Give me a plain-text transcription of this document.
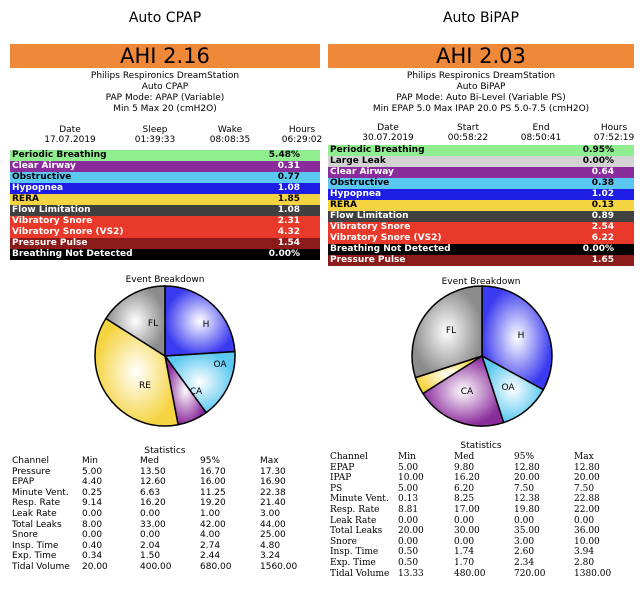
Auto CPAP
AHI 2.16
Philips Respironics DreamStation
Auto CPAP
PAP Mode: APAP (Variable)
Min 5 Max 20 (cmH2O)
Date
17.07.2019
Sleep
01:39:33
Wake
08:08:35
Hours
06:29:02
Periodic Breathing	5.48%
Clear Airway	0.31
Obstructive	0.77
Hypopnea	1.08
RERA	1.85
Flow Limitation	1.08
Vibratory Snore	2.31
Vibratory Snore (VS2)	4.32
Pressure Pulse	1.54
Breathing Not Detected	0.00%
Event Breakdown
H
OA
CA
RE
FL
Statistics
Channel	Min	Med	95%	Max
Pressure	5.00	13.50	16.70	17.30
EPAP	4.40	12.60	16.00	16.90
Minute Vent. 0.25	6.63	11.25	22.38
Resp. Rate 9.14	16.20	19.20	21.40
Leak Rate	0.00	0.00	1.00	3.00
Total Leaks 8.00	33.00	42.00	44.00
Snore	0.00	0.00	4.00	25.00
Insp. Time	0.40	2.04	2.74	4.80
Exp. Time	0.34	1.50	2.44	3.24
Tidal Volume 20.00	400.00	680.00	1560.00
Auto BiPAP
AHI 2.03
Philips Respironics DreamStation
Auto BiPAP
PAP Mode: Auto Bi-Level (Variable PS)
Min EPAP 5.0 Max IPAP 20.0 PS 5.0-7.5 (cmH2O)
Date
30.07.2019
Start
00:58:22
End
08:50:41
Hours
07:52:19
Periodic Breathing	0.95%
Large Leak	0.00%
Clear Airway	0.64
Obstructive	0.38
Hypopnea	1.02
RERA	0.13
Flow Limitation	0.89
Vibratory Snore	2.54
Vibratory Snore (VS2)	6.22
Breathing Not Detected	0.00%
Pressure Pulse	1.65
Event Breakdown
H
OA
CA
FL
Statistics
Channel	Min	Med	95%	Max
EPAP	5.00	9.80	12.80	12.80
IPAP	10.00	16.20	20.00	20.00
PS	5.00	6.20	7.50	7.50
Minute Vent. 0.13	8.25	12.38	22.88
Resp. Rate 8.81	17.00	19.80	22.00
Leak Rate 0.00	0.00	0.00	0.00
Total Leaks 20.00	30.00	35.00	36.00
Snore	0.00	0.00	3.00	10.00
Insp. Time 0.50	1.74	2.60	3.94
Exp. Time 0.50	1.70	2.34	2.80
Tidal Volume 13.33	480.00	720.00	1380.00
